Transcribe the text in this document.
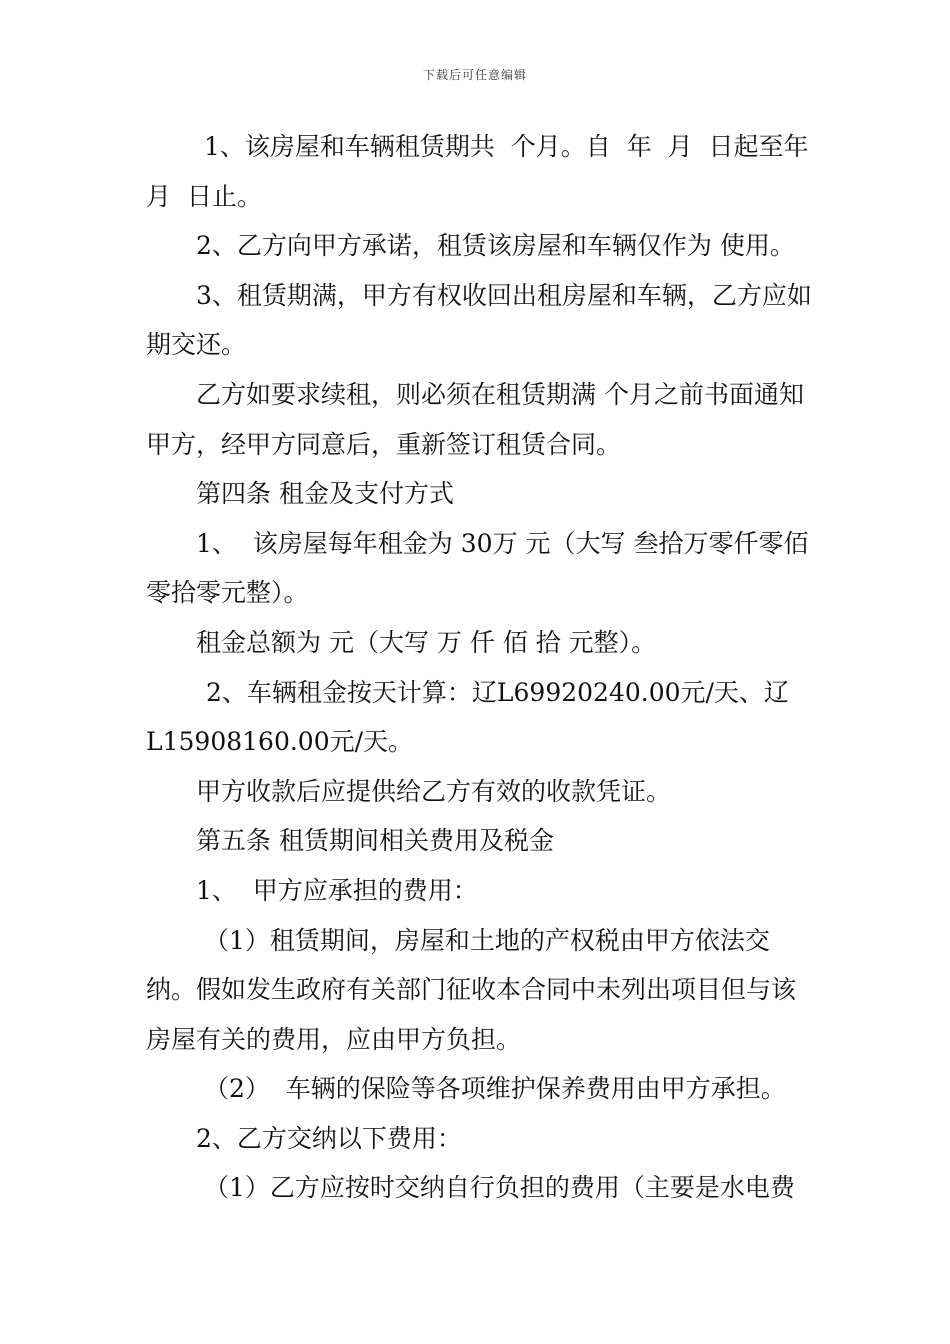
下载后可任意编辑

1、该房屋和车辆租赁期共  个月。自  年  月  日起至年  月  日止。

2、乙方向甲方承诺，租赁该房屋和车辆仅作为 使用。

3、租赁期满，甲方有权收回出租房屋和车辆，乙方应如期交还。

乙方如要求续租，则必须在租赁期满 个月之前书面通知甲方，经甲方同意后，重新签订租赁合同。

第四条 租金及支付方式

1、  该房屋每年租金为 30万 元（大写 叁拾万零仟零佰零拾零元整）。

租金总额为 元（大写 万 仟 佰 拾 元整）。

2、车辆租金按天计算：辽L69920240.00元/天、辽L15908160.00元/天。

甲方收款后应提供给乙方有效的收款凭证。

第五条 租赁期间相关费用及税金

1、  甲方应承担的费用：

（1）租赁期间，房屋和土地的产权税由甲方依法交纳。假如发生政府有关部门征收本合同中未列出项目但与该房屋有关的费用，应由甲方负担。

（2）  车辆的保险等各项维护保养费用由甲方承担。

2、乙方交纳以下费用：

（1）乙方应按时交纳自行负担的费用（主要是水电费
